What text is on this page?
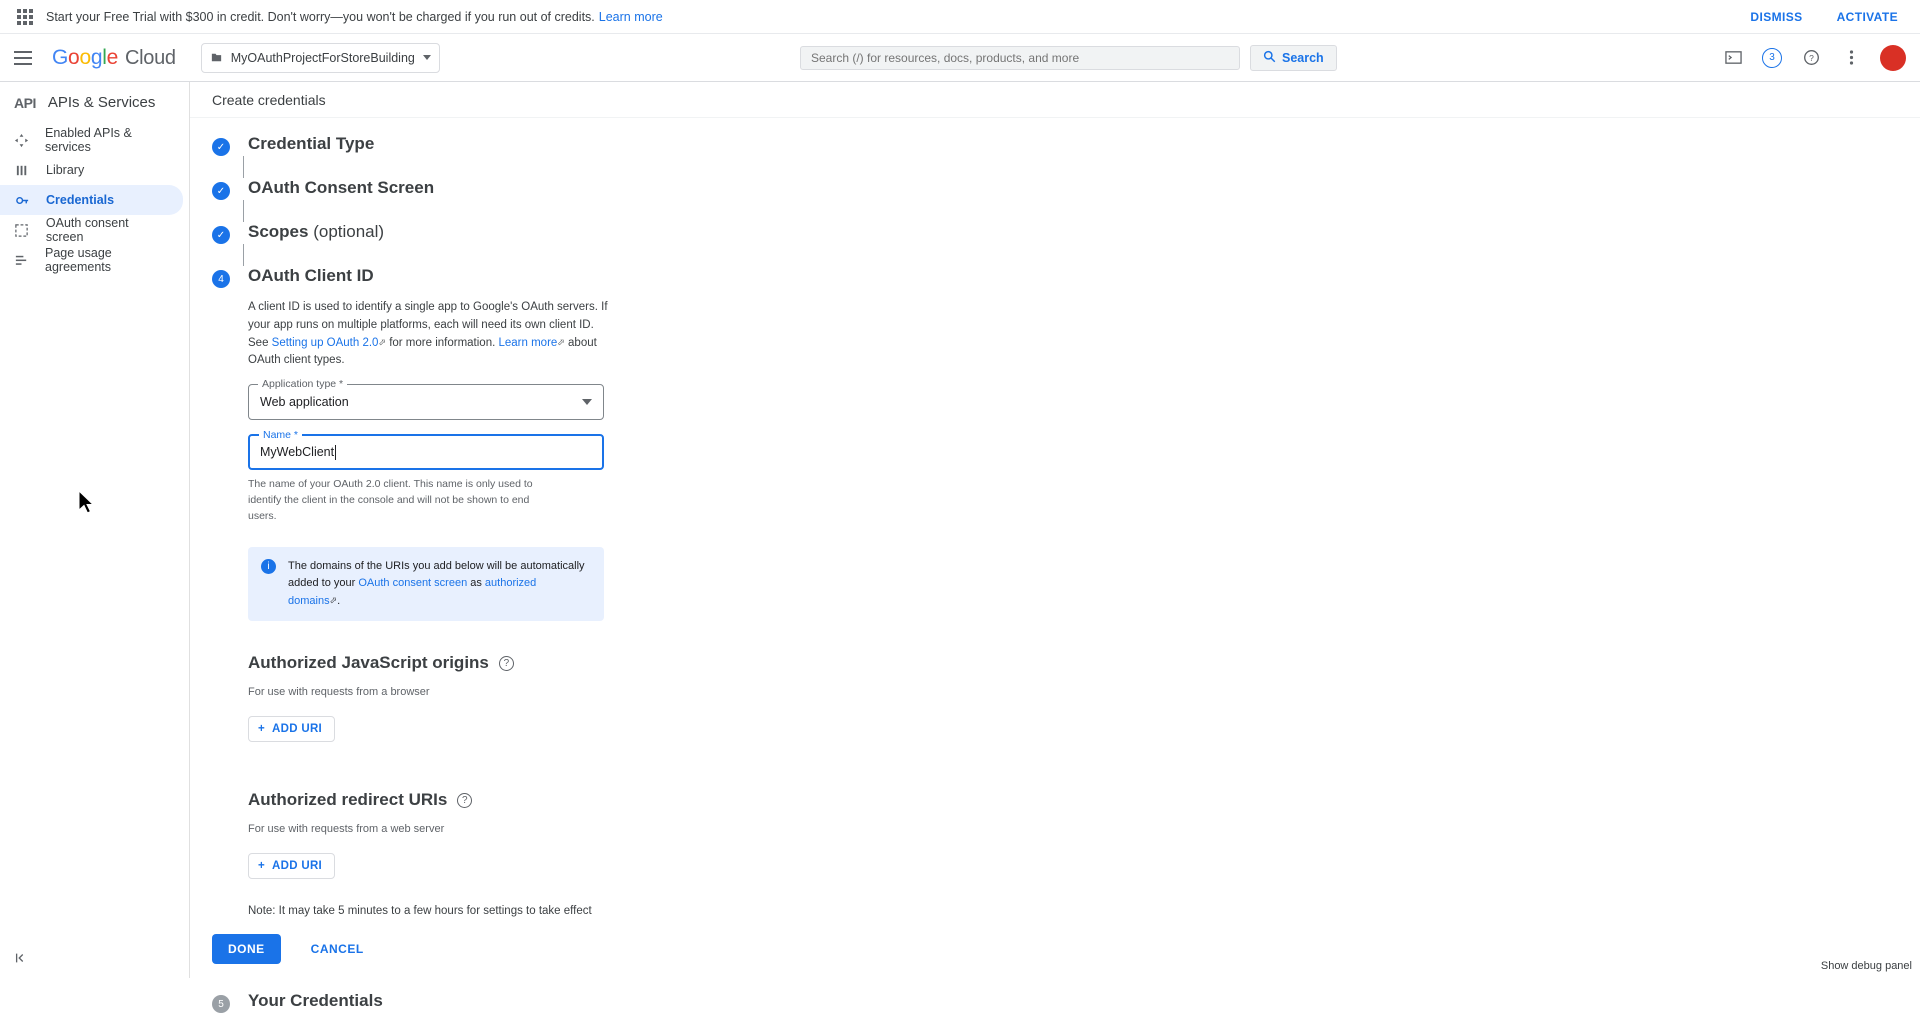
Start your Free Trial with $300 in credit. Don't worry—you won't be charged if you run out of credits. Learn more	DISMISS	ACTIVATE
G o o g l e Cloud	MyOAuthProjectForStoreBuilding
Search (/) for resources, docs, products, and more	Search	3	?
API APIs & Services
Enabled APIs & services
Library
Credentials
OAuth consent screen
Page usage agreements
Create credentials
✓ Credential Type
✓ OAuth Consent Screen
✓ Scopes (optional)
4	OAuth Client ID
A client ID is used to identify a single app to Google's OAuth servers. If your app runs on multiple platforms, each will need its own client ID. See Setting up OAuth 2.0⬀ for more information. Learn more⬀ about OAuth client types.
Application type *
Web application
Name *
MyWebClient
The name of your OAuth 2.0 client. This name is only used to identify the client in the console and will not be shown to end users.
i	The domains of the URIs you add below will be automatically added to your OAuth consent screen as authorized domains⬀.
Authorized JavaScript origins	?
For use with requests from a browser
+ ADD URI
Authorized redirect URIs	?
For use with requests from a web server
+ ADD URI
Note: It may take 5 minutes to a few hours for settings to take effect
5	Your Credentials
DONE	CANCEL
Show debug panel
